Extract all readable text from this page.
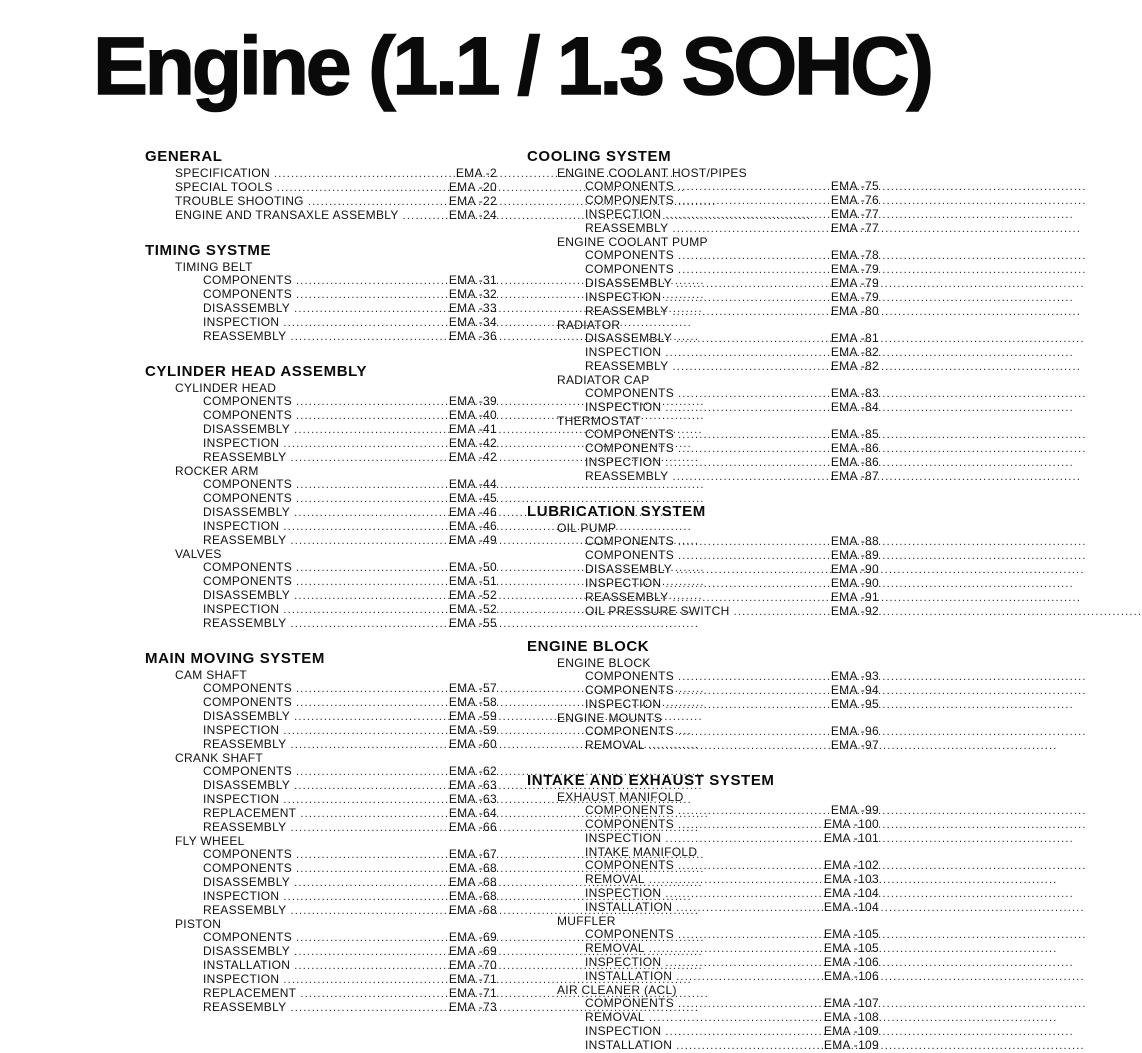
Engine (1.1 / 1.3 SOHC)
GENERAL
SPECIFICATION .....	EMA -2
SPECIAL TOOLS .....	EMA -20
TROUBLE SHOOTING .....	EMA -22
ENGINE AND TRANSAXLE ASSEMBLY .....	EMA -24
TIMING SYSTME
TIMING BELT
COMPONENTS .....	EMA -31
COMPONENTS .....	EMA -32
DISASSEMBLY .....	EMA -33
INSPECTION .....	EMA -34
REASSEMBLY .....	EMA -36
CYLINDER HEAD ASSEMBLY
CYLINDER HEAD
COMPONENTS .....	EMA -39
COMPONENTS .....	EMA -40
DISASSEMBLY .....	EMA -41
INSPECTION .....	EMA -42
REASSEMBLY .....	EMA -42
ROCKER ARM
COMPONENTS .....	EMA -44
COMPONENTS .....	EMA -45
DISASSEMBLY .....	EMA -46
INSPECTION .....	EMA -46
REASSEMBLY .....	EMA -49
VALVES
COMPONENTS .....	EMA -50
COMPONENTS .....	EMA -51
DISASSEMBLY .....	EMA -52
INSPECTION .....	EMA -52
REASSEMBLY .....	EMA -55
MAIN MOVING SYSTEM
CAM SHAFT
COMPONENTS .....	EMA -57
COMPONENTS .....	EMA -58
DISASSEMBLY .....	EMA -59
INSPECTION .....	EMA -59
REASSEMBLY .....	EMA -60
CRANK SHAFT
COMPONENTS .....	EMA -62
DISASSEMBLY .....	EMA -63
INSPECTION .....	EMA -63
REPLACEMENT .....	EMA -64
REASSEMBLY .....	EMA -66
FLY WHEEL
COMPONENTS .....	EMA -67
COMPONENTS .....	EMA -68
DISASSEMBLY .....	EMA -68
INSPECTION .....	EMA -68
REASSEMBLY .....	EMA -68
PISTON
COMPONENTS .....	EMA -69
DISASSEMBLY .....	EMA -69
INSTALLATION .....	EMA -70
INSPECTION .....	EMA -71
REPLACEMENT .....	EMA -71
REASSEMBLY .....	EMA -73
COOLING SYSTEM
ENGINE COOLANT HOST/PIPES
COMPONENTS .....	EMA -75
COMPONENTS .....	EMA -76
INSPECTION .....	EMA -77
REASSEMBLY .....	EMA -77
ENGINE COOLANT PUMP
COMPONENTS .....	EMA -78
COMPONENTS .....	EMA -79
DISASSEMBLY .....	EMA -79
INSPECTION .....	EMA -79
REASSEMBLY .....	EMA -80
RADIATOR
DISASSEMBLY .....	EMA -81
INSPECTION .....	EMA -82
REASSEMBLY .....	EMA -82
RADIATOR CAP
COMPONENTS .....	EMA -83
INSPECTION .....	EMA -84
THERMOSTAT
COMPONENTS .....	EMA -85
COMPONENTS .....	EMA -86
INSPECTION .....	EMA -86
REASSEMBLY .....	EMA -87
LUBRICATION SYSTEM
OIL PUMP
COMPONENTS .....	EMA -88
COMPONENTS .....	EMA -89
DISASSEMBLY .....	EMA -90
INSPECTION .....	EMA -90
REASSEMBLY .....	EMA -91
OIL PRESSURE SWITCH .....	EMA -92
ENGINE BLOCK
ENGINE BLOCK
COMPONENTS .....	EMA -93
COMPONENTS .....	EMA -94
INSPECTION .....	EMA -95
ENGINE MOUNTS
COMPONENTS .....	EMA -96
REMOVAL .....	EMA -97
INTAKE AND EXHAUST SYSTEM
EXHAUST MANIFOLD
COMPONENTS .....	EMA -99
COMPONENTS .....	EMA -100
INSPECTION .....	EMA -101
INTAKE MANIFOLD
COMPONENTS .....	EMA -102
REMOVAL .....	EMA -103
INSPECTION .....	EMA -104
INSTALLATION .....	EMA -104
MUFFLER
COMPONENTS .....	EMA -105
REMOVAL .....	EMA -105
INSPECTION .....	EMA -106
INSTALLATION .....	EMA -106
AIR CLEANER (ACL)
COMPONENTS .....	EMA -107
REMOVAL .....	EMA -108
INSPECTION .....	EMA -109
INSTALLATION .....	EMA -109
